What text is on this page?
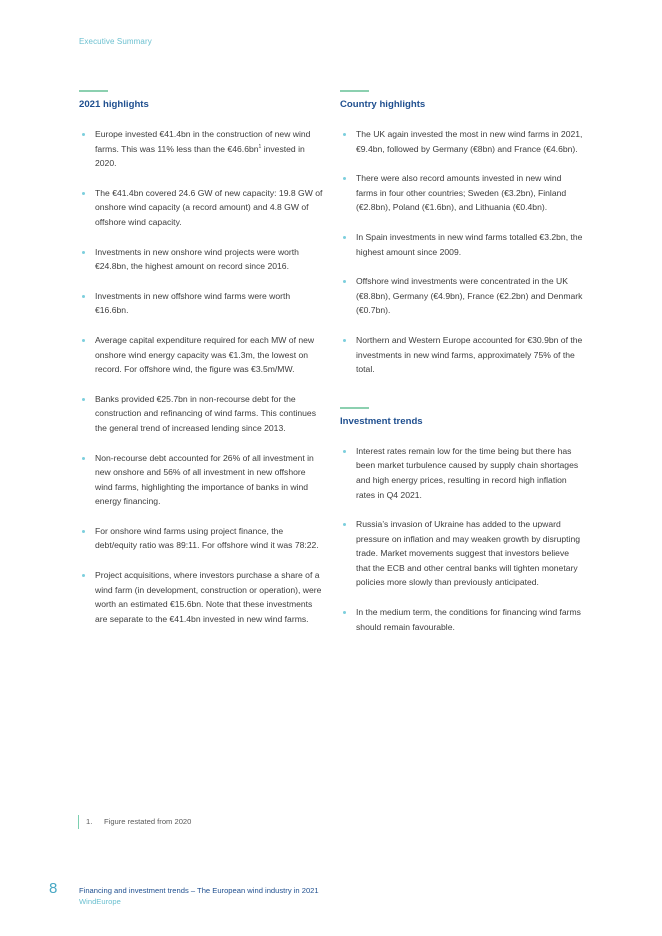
Executive Summary
2021 highlights
Europe invested €41.4bn in the construction of new wind farms. This was 11% less than the $€46.6bn^1$ invested in 2020.
The €41.4bn covered 24.6 GW of new capacity: 19.8 GW of onshore wind capacity (a record amount) and 4.8 GW of offshore wind capacity.
Investments in new onshore wind projects were worth €24.8bn, the highest amount on record since 2016.
Investments in new offshore wind farms were worth €16.6bn.
Average capital expenditure required for each MW of new onshore wind energy capacity was €1.3m, the lowest on record. For offshore wind, the figure was €3.5m/MW.
Banks provided €25.7bn in non-recourse debt for the construction and refinancing of wind farms. This continues the general trend of increased lending since 2013.
Non-recourse debt accounted for 26% of all investment in new onshore and 56% of all investment in new offshore wind farms, highlighting the importance of banks in wind energy financing.
For onshore wind farms using project finance, the debt/equity ratio was 89:11. For offshore wind it was 78:22.
Project acquisitions, where investors purchase a share of a wind farm (in development, construction or operation), were worth an estimated €15.6bn. Note that these investments are separate to the €41.4bn invested in new wind farms.
Country highlights
The UK again invested the most in new wind farms in 2021, €9.4bn, followed by Germany (€8bn) and France (€4.6bn).
There were also record amounts invested in new wind farms in four other countries; Sweden (€3.2bn), Finland (€2.8bn), Poland (€1.6bn), and Lithuania (€0.4bn).
In Spain investments in new wind farms totalled €3.2bn, the highest amount since 2009.
Offshore wind investments were concentrated in the UK (€8.8bn), Germany (€4.9bn), France (€2.2bn) and Denmark (€0.7bn).
Northern and Western Europe accounted for €30.9bn of the investments in new wind farms, approximately 75% of the total.
Investment trends
Interest rates remain low for the time being but there has been market turbulence caused by supply chain shortages and high energy prices, resulting in record high inflation rates in Q4 2021.
Russia’s invasion of Ukraine has added to the upward pressure on inflation and may weaken growth by disrupting trade. Market movements suggest that investors believe that the ECB and other central banks will tighten monetary policies more slowly than previously anticipated.
In the medium term, the conditions for financing wind farms should remain favourable.
1. Figure restated from 2020
8	Financing and investment trends – The European wind industry in 2021
WindEurope
